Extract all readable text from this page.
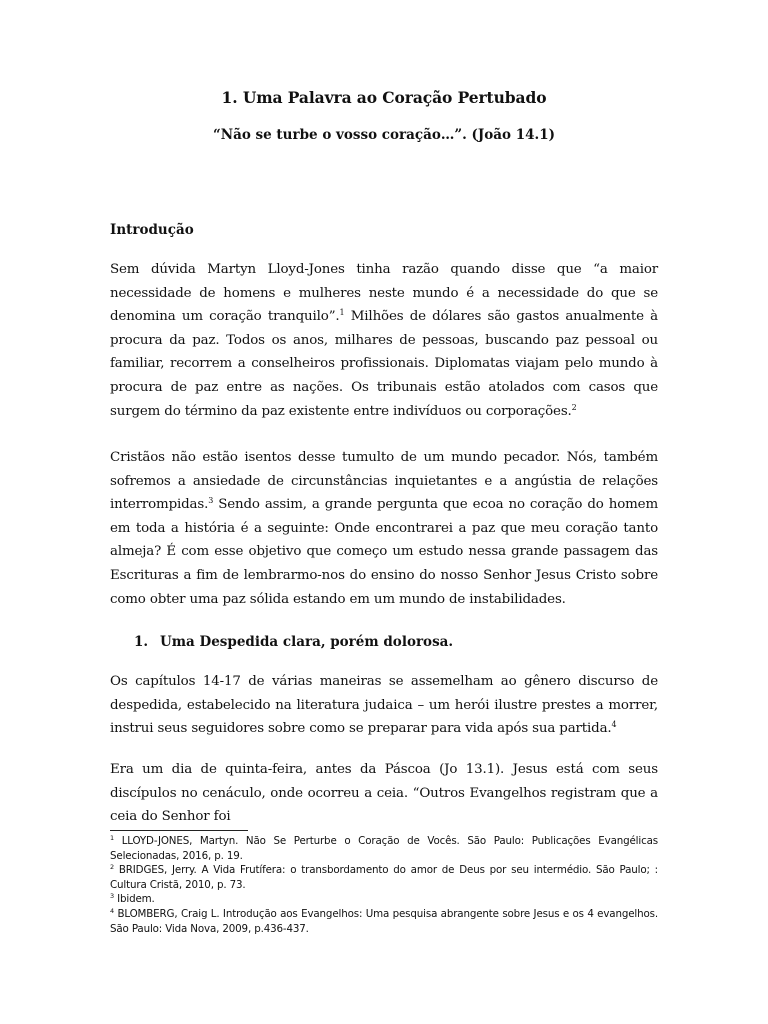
1. Uma Palavra ao Coração Pertubado
“Não se turbe o vosso coração…”. (João 14.1)
Introdução

Sem dúvida Martyn Lloyd-Jones tinha razão quando disse que “a maior necessidade de homens e mulheres neste mundo é a necessidade do que se denomina um coração tranquilo”.$^1$ Milhões de dólares são gastos anualmente à procura da paz. Todos os anos, milhares de pessoas, buscando paz pessoal ou familiar, recorrem a conselheiros profissionais. Diplomatas viajam pelo mundo à procura de paz entre as nações. Os tribunais estão atolados com casos que surgem do término da paz existente entre indivíduos ou corporações.$^2$

Cristãos não estão isentos desse tumulto de um mundo pecador. Nós, também sofremos a ansiedade de circunstâncias inquietantes e a angústia de relações interrompidas.$^3$ Sendo assim, a grande pergunta que ecoa no coração do homem em toda a história é a seguinte: Onde encontrarei a paz que meu coração tanto almeja? É com esse objetivo que começo um estudo nessa grande passagem das Escrituras a fim de lembrarmo-nos do ensino do nosso Senhor Jesus Cristo sobre como obter uma paz sólida estando em um mundo de instabilidades.

1. Uma Despedida clara, porém dolorosa.

Os capítulos 14-17 de várias maneiras se assemelham ao gênero discurso de despedida, estabelecido na literatura judaica – um herói ilustre prestes a morrer, instrui seus seguidores sobre como se preparar para vida após sua partida.$^4$

Era um dia de quinta-feira, antes da Páscoa (Jo 13.1). Jesus está com seus discípulos no cenáculo, onde ocorreu a ceia. “Outros Evangelhos registram que a ceia do Senhor foi

$^1$ LLOYD-JONES, Martyn. Não Se Perturbe o Coração de Vocês. São Paulo: Publicações Evangélicas Selecionadas, 2016, p. 19.

$^2$ BRIDGES, Jerry. A Vida Frutífera: o transbordamento do amor de Deus por seu intermédio. São Paulo; : Cultura Cristã, 2010, p. 73.

$^3$ Ibidem.

$^4$ BLOMBERG, Craig L. Introdução aos Evangelhos: Uma pesquisa abrangente sobre Jesus e os 4 evangelhos. São Paulo: Vida Nova, 2009, p.436-437.
